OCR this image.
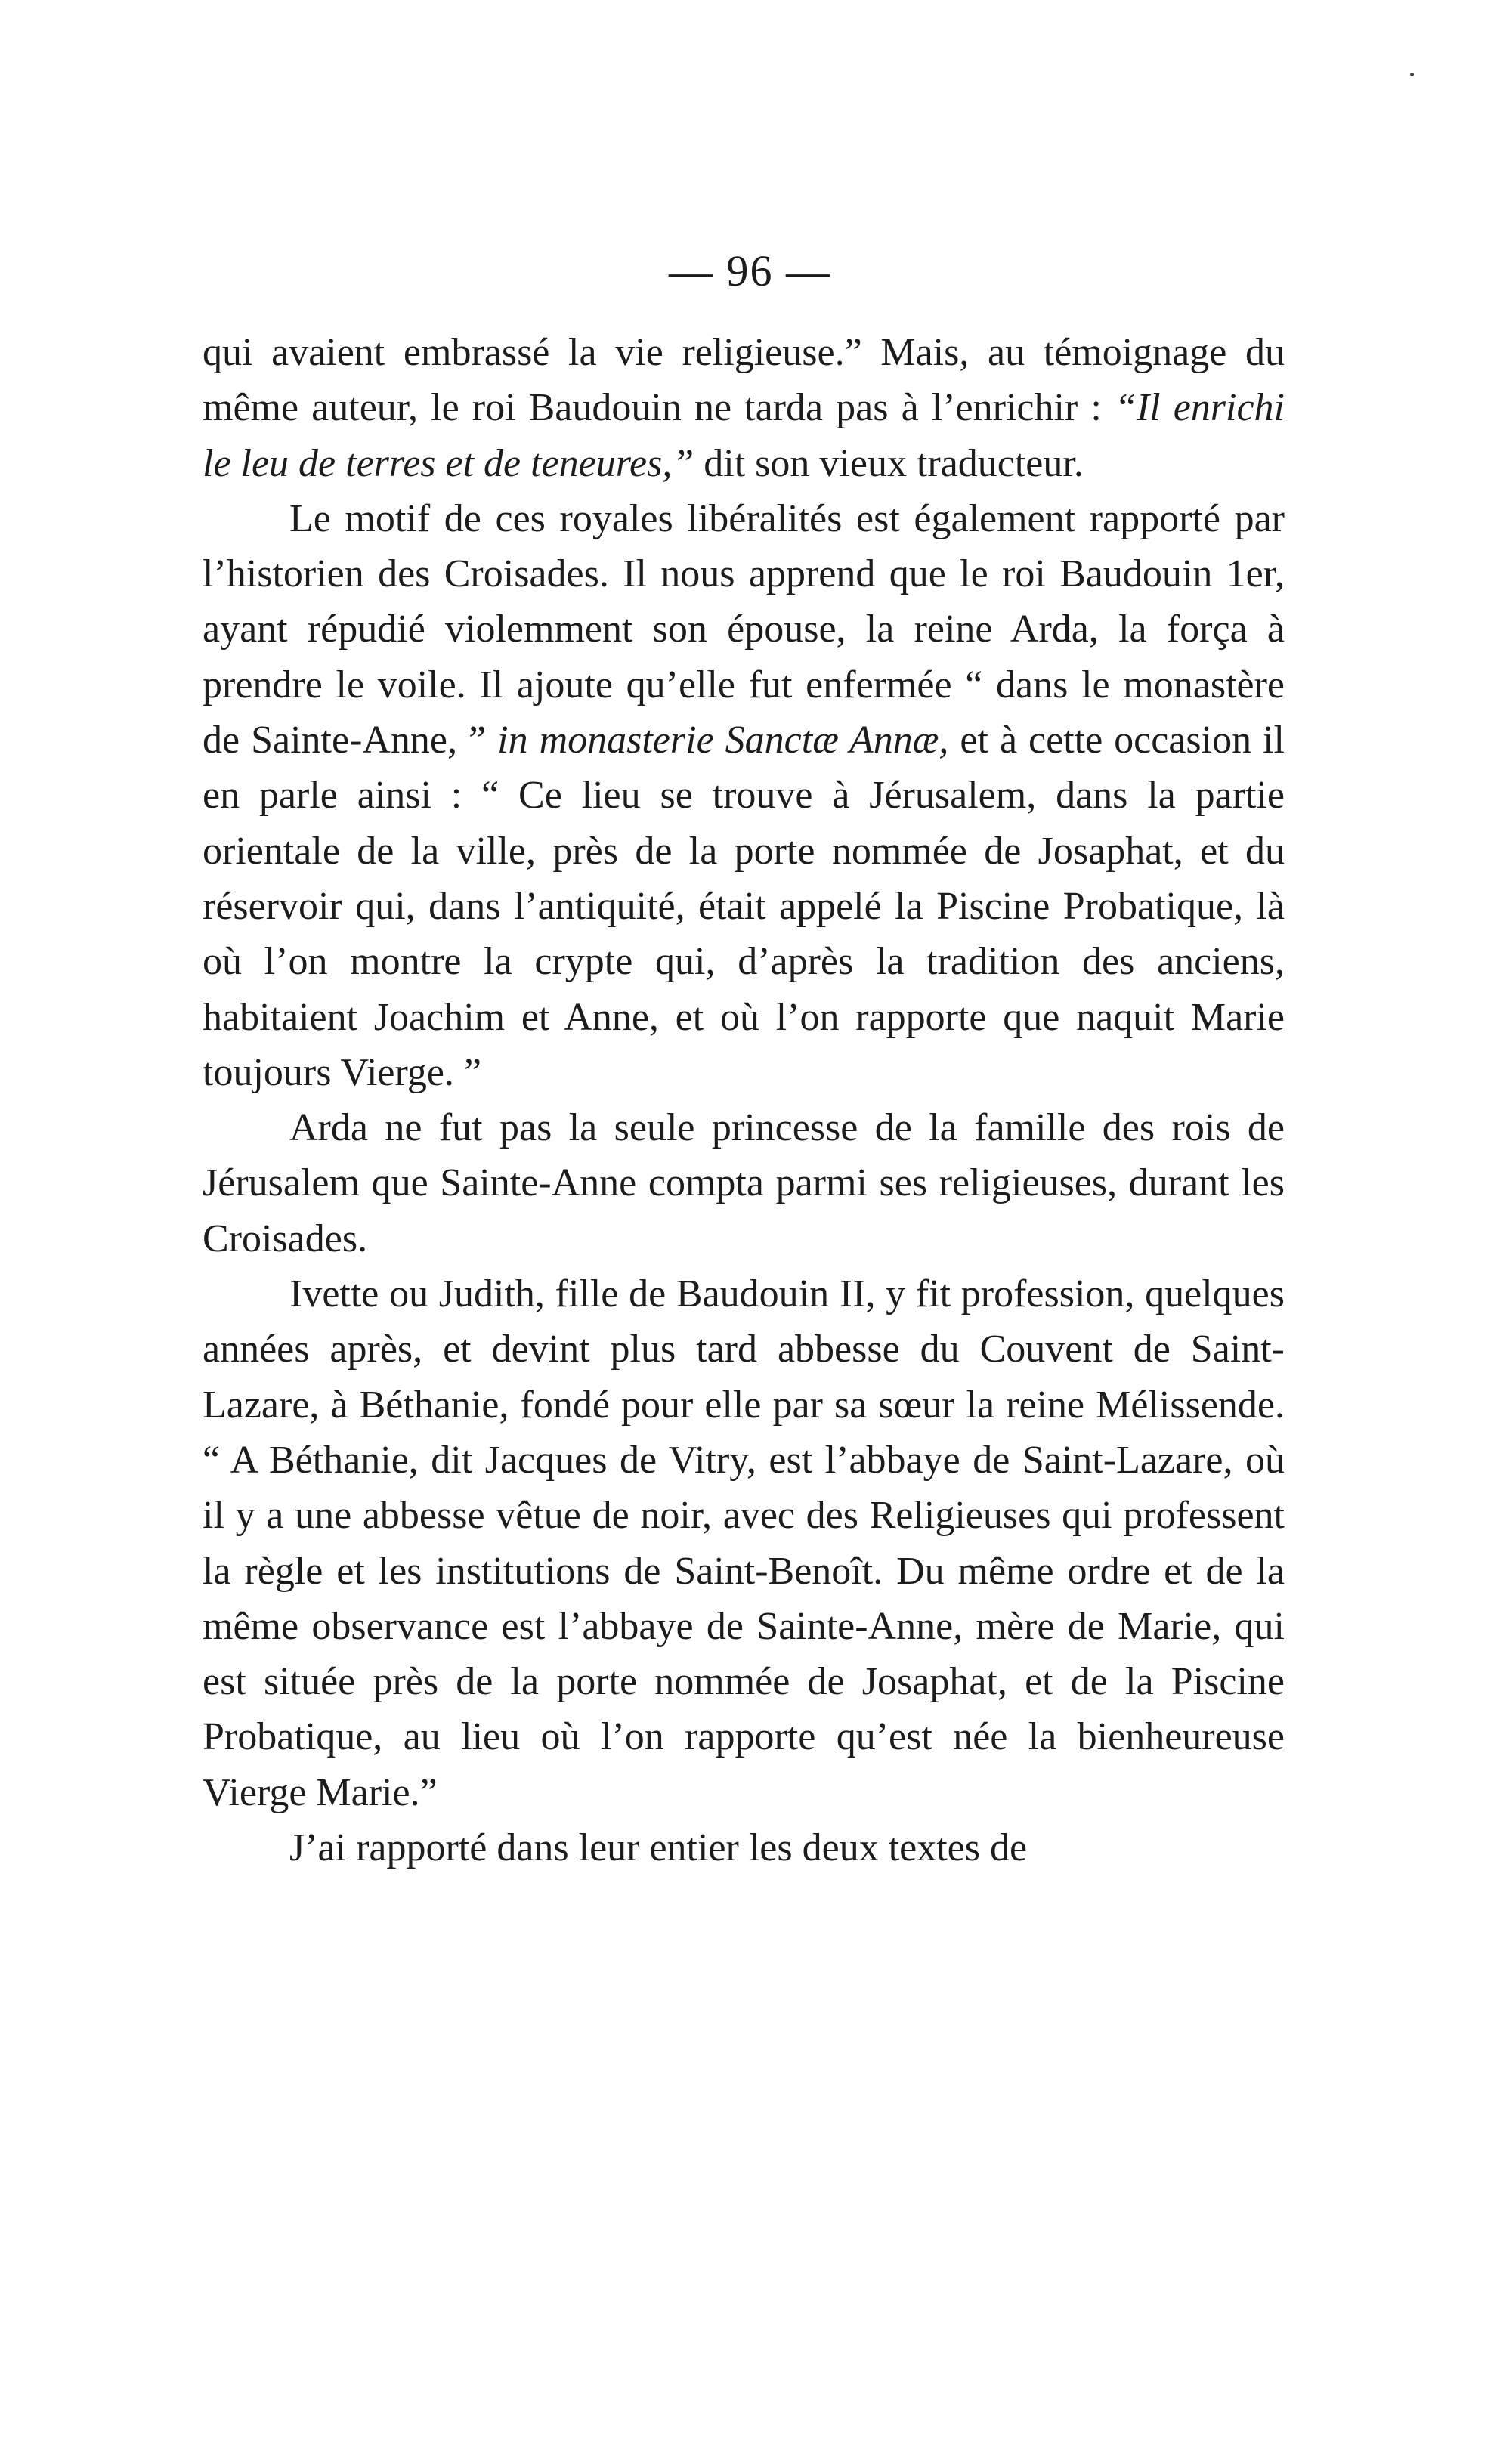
— 96 —

qui avaient embrassé la vie religieuse.” Mais, au témoignage du même auteur, le roi Baudouin ne tarda pas à l’enrichir : “Il enrichi le leu de terres et de teneures,” dit son vieux traducteur.

Le motif de ces royales libéralités est également rapporté par l’historien des Croisades. Il nous apprend que le roi Baudouin 1er, ayant répudié violemment son épouse, la reine Arda, la força à prendre le voile. Il ajoute qu’elle fut enfermée “ dans le monastère de Sainte-Anne, ” in monasterie Sanctæ Annæ, et à cette occasion il en parle ainsi : “ Ce lieu se trouve à Jérusalem, dans la partie orientale de la ville, près de la porte nommée de Josaphat, et du réservoir qui, dans l’antiquité, était appelé la Piscine Probatique, là où l’on montre la crypte qui, d’après la tradition des anciens, habitaient Joachim et Anne, et où l’on rapporte que naquit Marie toujours Vierge. ”

Arda ne fut pas la seule princesse de la famille des rois de Jérusalem que Sainte-Anne compta parmi ses religieuses, durant les Croisades.

Ivette ou Judith, fille de Baudouin II, y fit profession, quelques années après, et devint plus tard abbesse du Couvent de Saint-Lazare, à Béthanie, fondé pour elle par sa sœur la reine Mélissende. “ A Béthanie, dit Jacques de Vitry, est l’abbaye de Saint-Lazare, où il y a une abbesse vêtue de noir, avec des Religieuses qui professent la règle et les institutions de Saint-Benoît. Du même ordre et de la même observance est l’abbaye de Sainte-Anne, mère de Marie, qui est située près de la porte nommée de Josaphat, et de la Piscine Probatique, au lieu où l’on rapporte qu’est née la bienheureuse Vierge Marie.”

J’ai rapporté dans leur entier les deux textes de
